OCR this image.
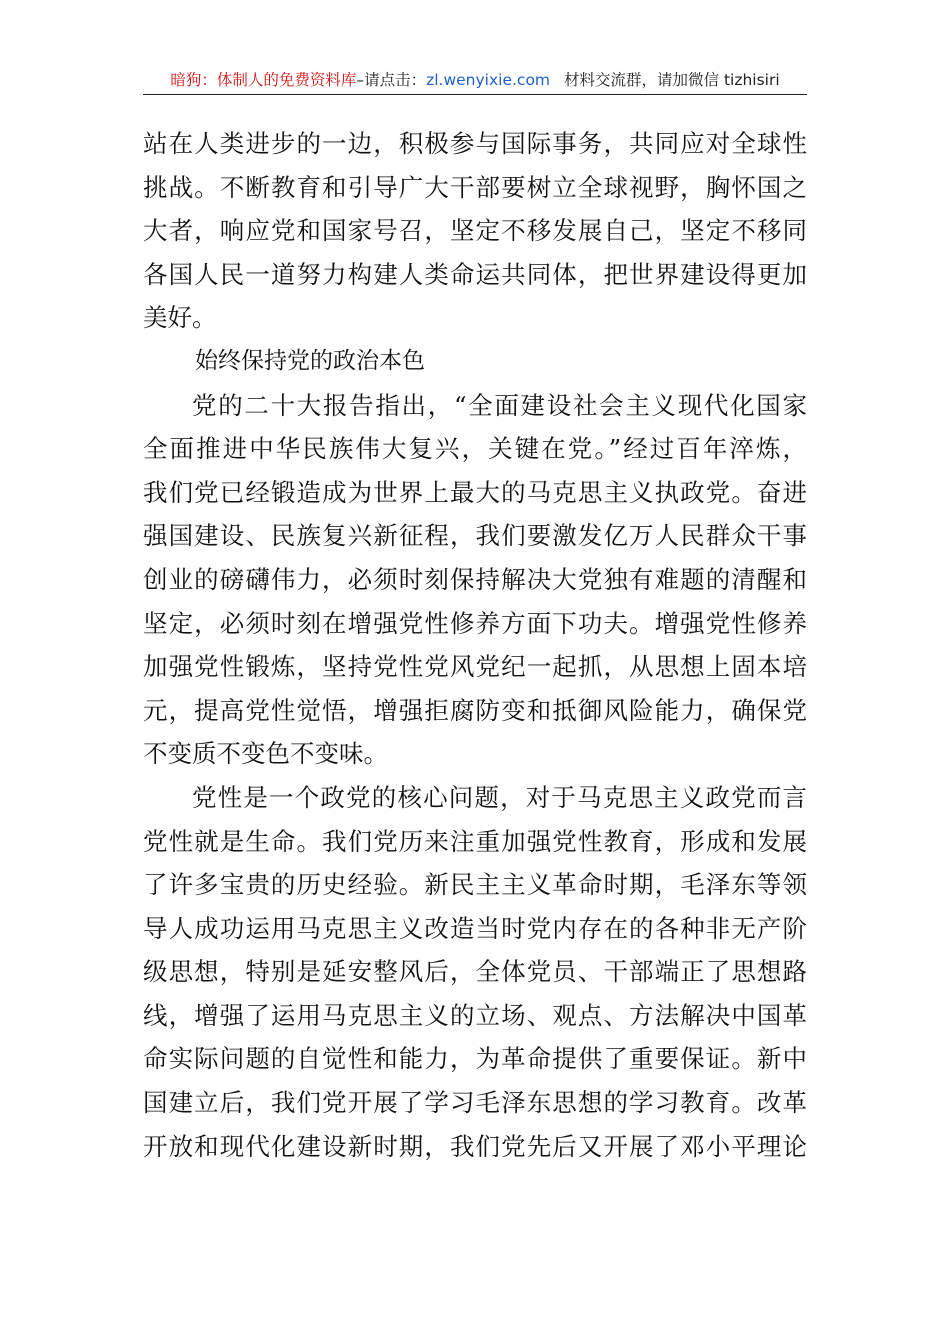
暗狗：体制人的免费资料库–请点击：zl.wenyixie.com 材料交流群，请加微信 tizhisiri
站在人类进步的一边，积极参与国际事务，共同应对全球性
挑战。不断教育和引导广大干部要树立全球视野，胸怀国之
大者，响应党和国家号召，坚定不移发展自己，坚定不移同
各国人民一道努力构建人类命运共同体，把世界建设得更加
美好。
始终保持党的政治本色
党的二十大报告指出，“全面建设社会主义现代化国家
全面推进中华民族伟大复兴，关键在党。”经过百年淬炼，
我们党已经锻造成为世界上最大的马克思主义执政党。奋进
强国建设、民族复兴新征程，我们要激发亿万人民群众干事
创业的磅礴伟力，必须时刻保持解决大党独有难题的清醒和
坚定，必须时刻在增强党性修养方面下功夫。增强党性修养
加强党性锻炼，坚持党性党风党纪一起抓，从思想上固本培
元，提高党性觉悟，增强拒腐防变和抵御风险能力，确保党
不变质不变色不变味。
党性是一个政党的核心问题，对于马克思主义政党而言
党性就是生命。我们党历来注重加强党性教育，形成和发展
了许多宝贵的历史经验。新民主主义革命时期，毛泽东等领
导人成功运用马克思主义改造当时党内存在的各种非无产阶
级思想，特别是延安整风后，全体党员、干部端正了思想路
线，增强了运用马克思主义的立场、观点、方法解决中国革
命实际问题的自觉性和能力，为革命提供了重要保证。新中
国建立后，我们党开展了学习毛泽东思想的学习教育。改革
开放和现代化建设新时期，我们党先后又开展了邓小平理论
